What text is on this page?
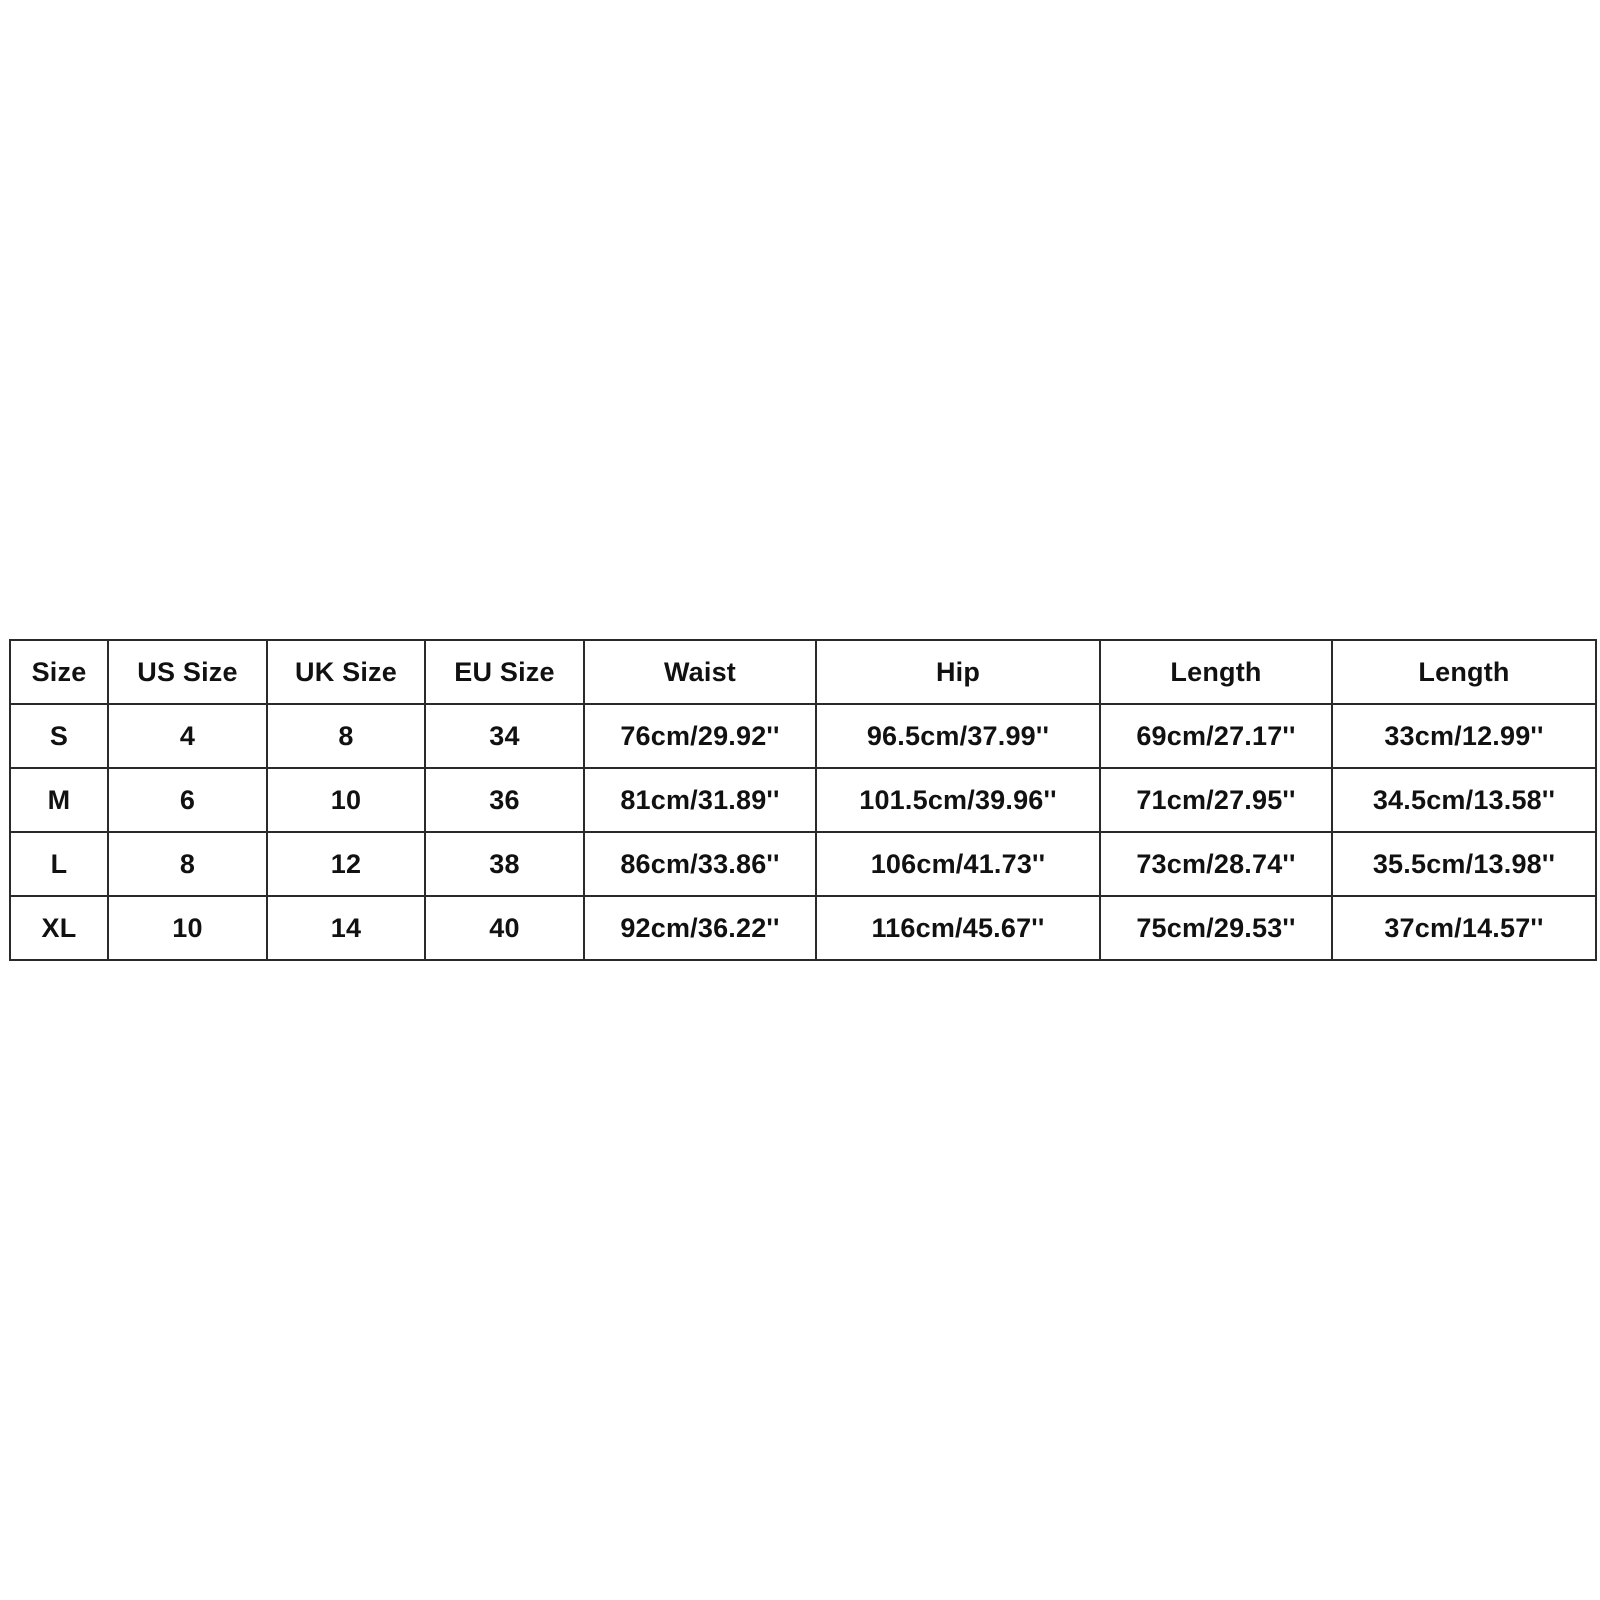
Size	US Size	UK Size	EU Size	Waist	Hip	Length	Length
S	4	8	34	76cm/29.92''	96.5cm/37.99''	69cm/27.17''	33cm/12.99''
M	6	10	36	81cm/31.89''	101.5cm/39.96''	71cm/27.95''	34.5cm/13.58''
L	8	12	38	86cm/33.86''	106cm/41.73''	73cm/28.74''	35.5cm/13.98''
XL	10	14	40	92cm/36.22''	116cm/45.67''	75cm/29.53''	37cm/14.57''
